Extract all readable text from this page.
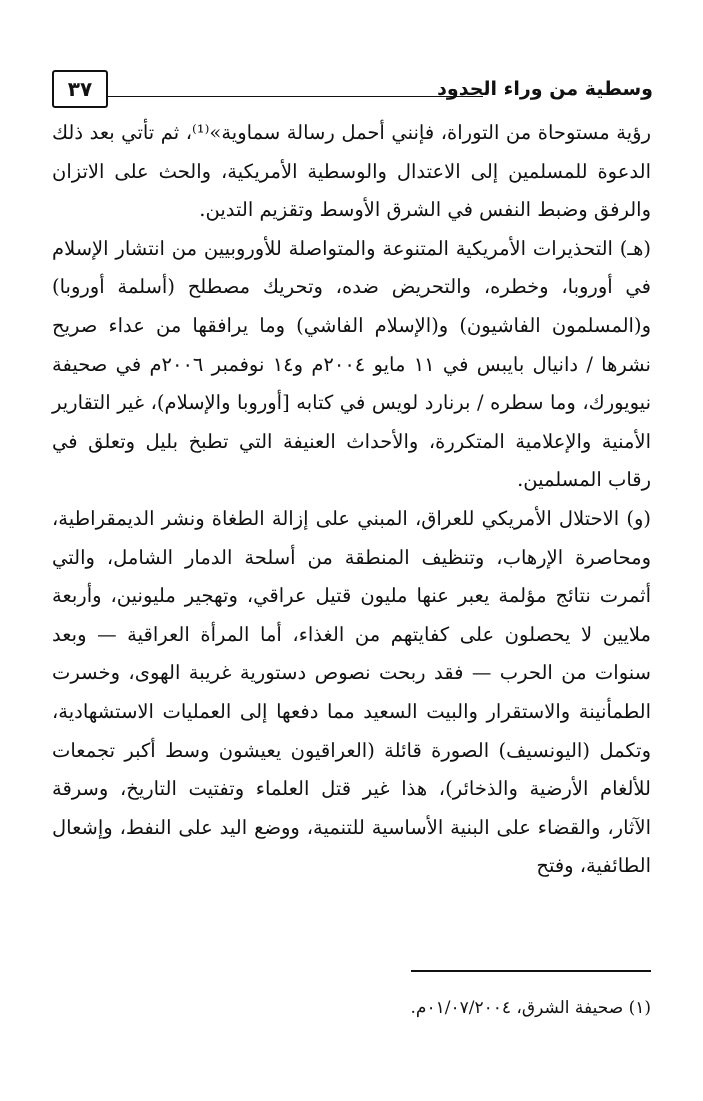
٣٧	وسطية من وراء الحدود

رؤية مستوحاة من التوراة، فإنني أحمل رسالة سماوية»⁽¹⁾، ثم تأتي بعد ذلك الدعوة للمسلمين إلى الاعتدال والوسطية الأمريكية، والحث على الاتزان والرفق وضبط النفس في الشرق الأوسط وتقزيم التدين.

(هـ) التحذيرات الأمريكية المتنوعة والمتواصلة للأوروبيين من انتشار الإسلام في أوروبا، وخطره، والتحريض ضده، وتحريك مصطلح (أسلمة أوروبا) و(المسلمون الفاشيون) و(الإسلام الفاشي) وما يرافقها من عداء صريح نشرها / دانيال بايبس في ١١ مايو ٢٠٠٤م و١٤ نوفمبر ٢٠٠٦م في صحيفة نيويورك، وما سطره / برنارد لويس في كتابه [أوروبا والإسلام)، غير التقارير الأمنية والإعلامية المتكررة، والأحداث العنيفة التي تطبخ بليل وتعلق في رقاب المسلمين.

(و) الاحتلال الأمريكي للعراق، المبني على إزالة الطغاة ونشر الديمقراطية، ومحاصرة الإرهاب، وتنظيف المنطقة من أسلحة الدمار الشامل، والتي أثمرت نتائج مؤلمة يعبر عنها مليون قتيل عراقي، وتهجير مليونين، وأربعة ملايين لا يحصلون على كفايتهم من الغذاء، أما المرأة العراقية — وبعد سنوات من الحرب — فقد ربحت نصوص دستورية غريبة الهوى، وخسرت الطمأنينة والاستقرار والبيت السعيد مما دفعها إلى العمليات الاستشهادية، وتكمل (اليونسيف) الصورة قائلة (العراقيون يعيشون وسط أكبر تجمعات للألغام الأرضية والذخائر)، هذا غير قتل العلماء وتفتيت التاريخ، وسرقة الآثار، والقضاء على البنية الأساسية للتنمية، ووضع اليد على النفط، وإشعال الطائفية، وفتح

(١) صحيفة الشرق، ٠١/٠٧/٢٠٠٤م.
